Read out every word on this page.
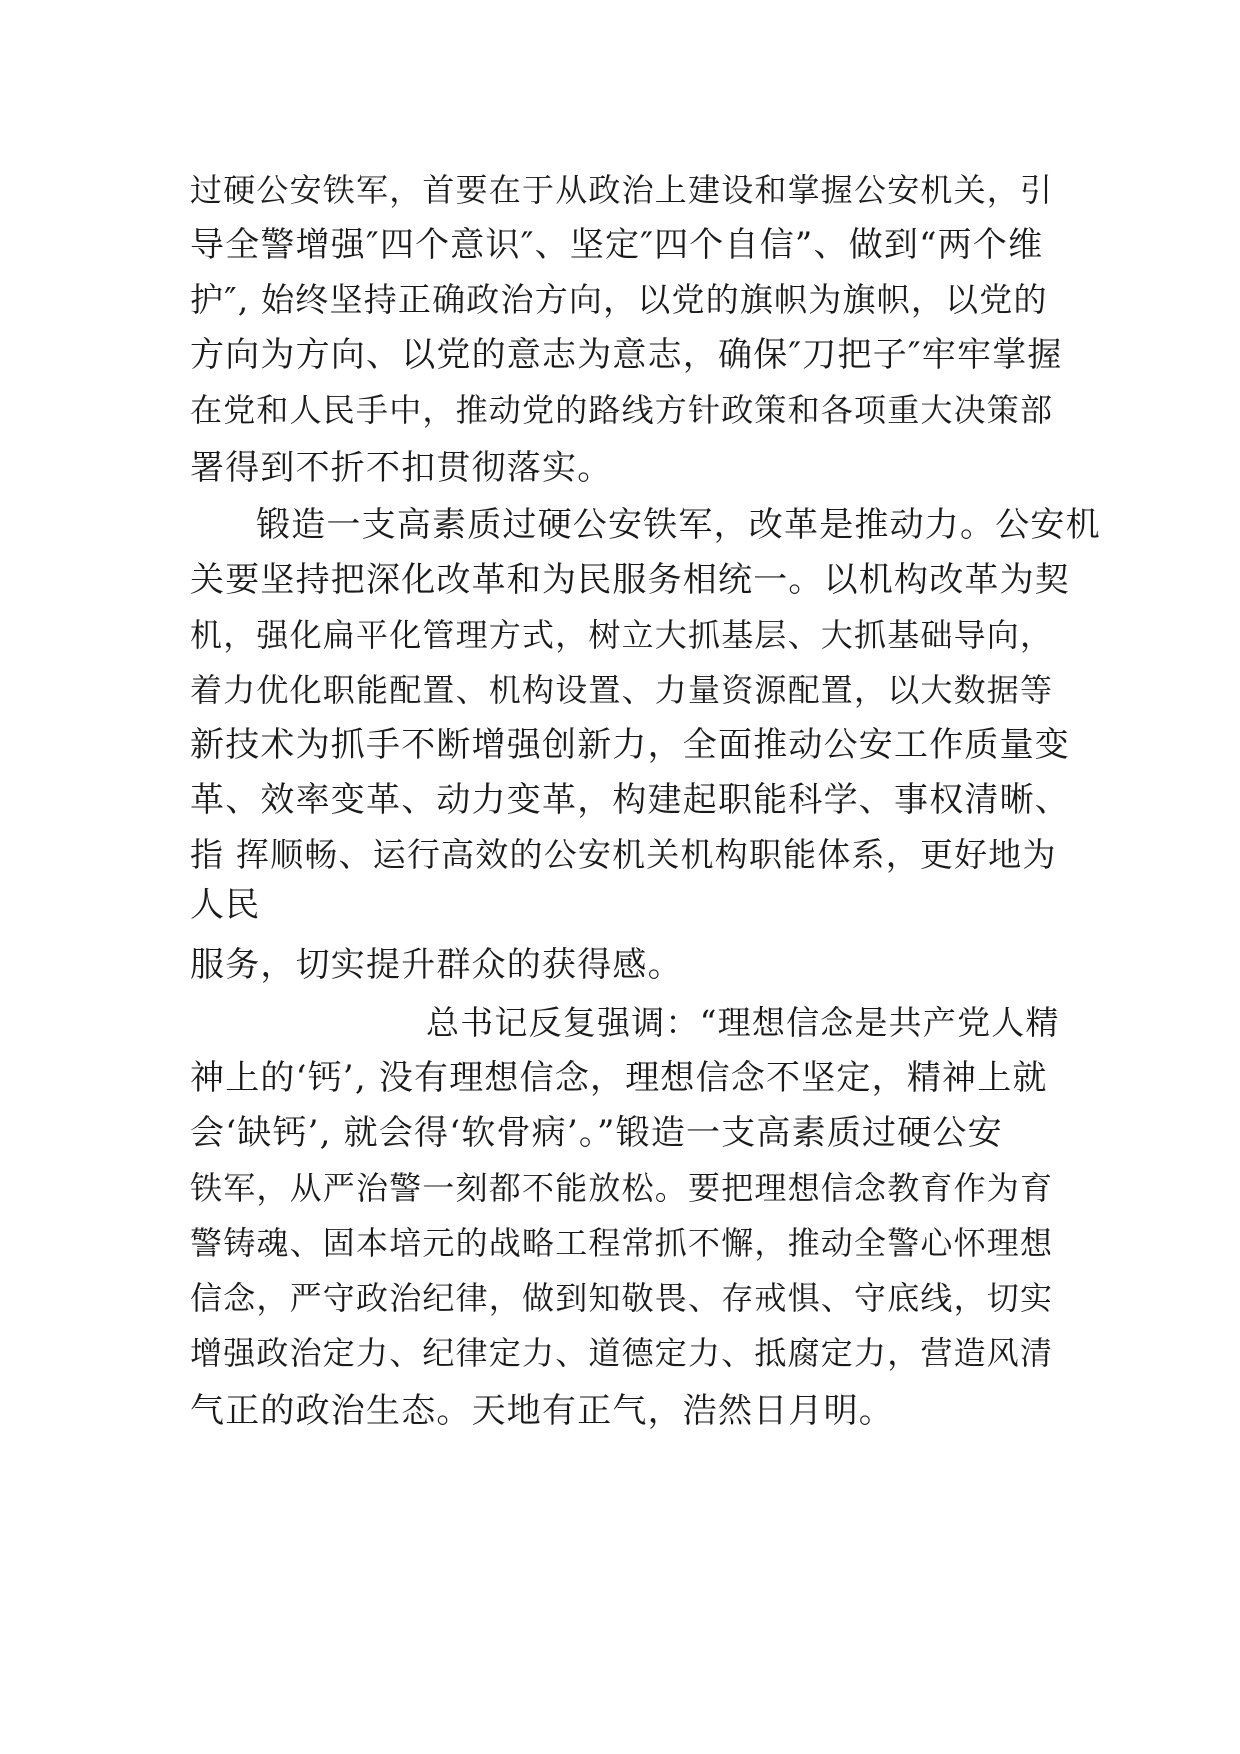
过硬公安铁军，首要在于从政治上建设和掌握公安机关，引
导全警增强″四个意识″、坚定″四个自信”、做到“两个维
护″, 始终坚持正确政治方向，以党的旗帜为旗帜，以党的
方向为方向、以党的意志为意志，确保″刀把子″牢牢掌握
在党和人民手中，推动党的路线方针政策和各项重大决策部
署得到不折不扣贯彻落实。
锻造一支高素质过硬公安铁军，改革是推动力。公安机
关要坚持把深化改革和为民服务相统一。以机构改革为契
机，强化扁平化管理方式，树立大抓基层、大抓基础导向，
着力优化职能配置、机构设置、力量资源配置，以大数据等
新技术为抓手不断增强创新力，全面推动公安工作质量变
革、效率变革、动力变革，构建起职能科学、事权清晰、
指 挥顺畅、运行高效的公安机关机构职能体系，更好地为
人民
服务，切实提升群众的获得感。
总书记反复强调：“理想信念是共产党人精
神上的‘钙’, 没有理想信念，理想信念不坚定，精神上就
会‘缺钙’, 就会得‘软骨病’。”锻造一支高素质过硬公安
铁军，从严治警一刻都不能放松。要把理想信念教育作为育
警铸魂、固本培元的战略工程常抓不懈，推动全警心怀理想
信念，严守政治纪律，做到知敬畏、存戒惧、守底线，切实
增强政治定力、纪律定力、道德定力、抵腐定力，营造风清
气正的政治生态。天地有正气，浩然日月明。
